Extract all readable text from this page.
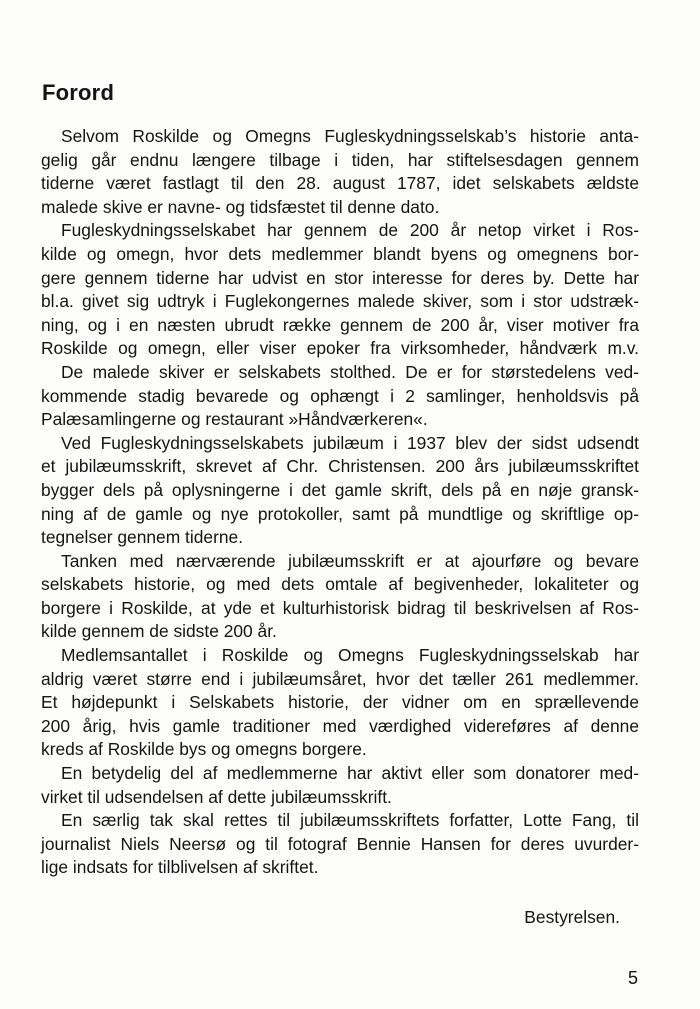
Forord
Selvom Roskilde og Omegns Fugleskydningsselskab’s historie anta-
gelig går endnu længere tilbage i tiden, har stiftelsesdagen gennem
tiderne været fastlagt til den 28. august 1787, idet selskabets ældste
malede skive er navne- og tidsfæstet til denne dato.
Fugleskydningsselskabet har gennem de 200 år netop virket i Ros-
kilde og omegn, hvor dets medlemmer blandt byens og omegnens bor-
gere gennem tiderne har udvist en stor interesse for deres by. Dette har
bl.a. givet sig udtryk i Fuglekongernes malede skiver, som i stor udstræk-
ning, og i en næsten ubrudt række gennem de 200 år, viser motiver fra
Roskilde og omegn, eller viser epoker fra virksomheder, håndværk m.v.
De malede skiver er selskabets stolthed. De er for størstedelens ved-
kommende stadig bevarede og ophængt i 2 samlinger, henholdsvis på
Palæsamlingerne og restaurant »Håndværkeren«.
Ved Fugleskydningsselskabets jubilæum i 1937 blev der sidst udsendt
et jubilæumsskrift, skrevet af Chr. Christensen. 200 års jubilæumsskriftet
bygger dels på oplysningerne i det gamle skrift, dels på en nøje gransk-
ning af de gamle og nye protokoller, samt på mundtlige og skriftlige op-
tegnelser gennem tiderne.
Tanken med nærværende jubilæumsskrift er at ajourføre og bevare
selskabets historie, og med dets omtale af begivenheder, lokaliteter og
borgere i Roskilde, at yde et kulturhistorisk bidrag til beskrivelsen af Ros-
kilde gennem de sidste 200 år.
Medlemsantallet i Roskilde og Omegns Fugleskydningsselskab har
aldrig været større end i jubilæumsåret, hvor det tæller 261 medlemmer.
Et højdepunkt i Selskabets historie, der vidner om en sprællevende
200 årig, hvis gamle traditioner med værdighed videreføres af denne
kreds af Roskilde bys og omegns borgere.
En betydelig del af medlemmerne har aktivt eller som donatorer med-
virket til udsendelsen af dette jubilæumsskrift.
En særlig tak skal rettes til jubilæumsskriftets forfatter, Lotte Fang, til
journalist Niels Neersø og til fotograf Bennie Hansen for deres uvurder-
lige indsats for tilblivelsen af skriftet.
Bestyrelsen.
5
